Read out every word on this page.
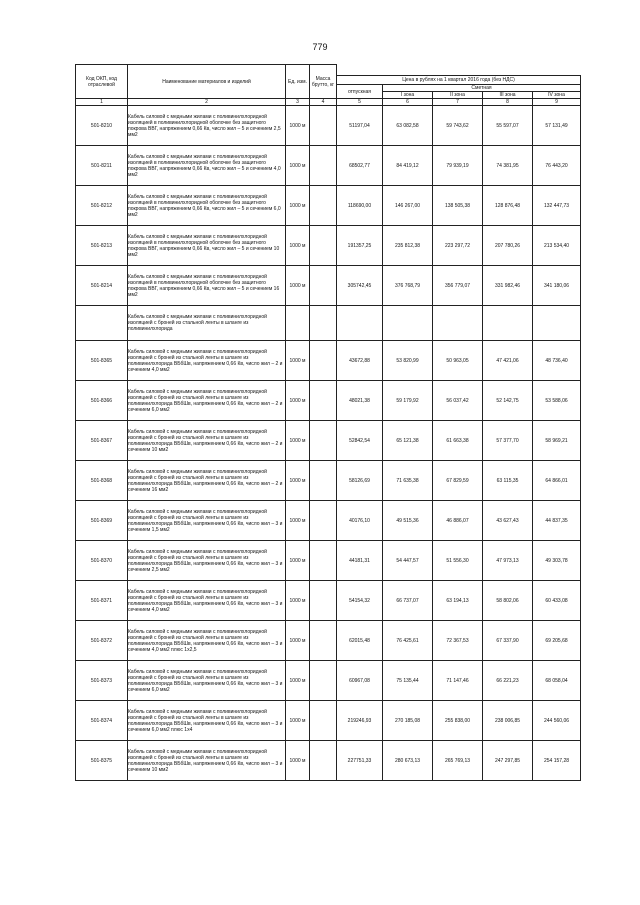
779
Код ОКП, код отраслевой	Наименование материалов и изделий	Ед. изм.	Масса брутто, кг					
				Цена в рублях на 1 квартал 2016 года (без НДС)				
				отпускная	Сметная			
					I зона	II зона	III зона	IV зона
1	2	3	4	5	6	7	8	9
501-8210	Кабель силовой с медными жилами с поливинилхлоридной изоляцией в поливинилхлоридной оболочке без защитного покрова ВВГ, напряжением 0,66 Кв, число жил – 5 и сечением 2,5 мм2	1000 м		51197,04	63 082,58	59 743,62	55 597,07	57 131,49
501-8211	Кабель силовой с медными жилами с поливинилхлоридной изоляцией в поливинилхлоридной оболочке без защитного покрова ВВГ, напряжением 0,66 Кв, число жил – 5 и сечением 4,0 мм2	1000 м		68502,77	84 419,12	79 939,19	74 381,95	76 443,20
501-8212	Кабель силовой с медными жилами с поливинилхлоридной изоляцией в поливинилхлоридной оболочке без защитного покрова ВВГ, напряжением 0,66 Кв, число жил – 5 и сечением 6,0 мм2	1000 м		118690,00	146 267,00	138 505,38	128 876,48	132 447,73
501-8213	Кабель силовой с медными жилами с поливинилхлоридной изоляцией в поливинилхлоридной оболочке без защитного покрова ВВГ, напряжением 0,66 Кв, число жил – 5 и сечением 10 мм2	1000 м		191357,25	235 812,38	223 297,72	207 780,26	213 534,40
501-8214	Кабель силовой с медными жилами с поливинилхлоридной изоляцией в поливинилхлоридной оболочке без защитного покрова ВВГ, напряжением 0,66 Кв, число жил – 5 и сечением 16 мм2	1000 м		305742,45	376 768,79	356 779,07	331 982,46	341 180,06
	Кабель силовой с медными жилами с поливинилхлоридной изоляцией с броней из стальной ленты в шланге из поливинилхлорида							
501-8365	Кабель силовой с медными жилами с поливинилхлоридной изоляцией с броней из стальной ленты в шланге из поливинилхлорида ВБбШв, напряжением 0,66 Кв, число жил – 2 и сечением 4,0 мм2	1000 м		43672,88	53 820,99	50 963,05	47 421,06	48 736,40
501-8366	Кабель силовой с медными жилами с поливинилхлоридной изоляцией с броней из стальной ленты в шланге из поливинилхлорида ВБбШв, напряжением 0,66 Кв, число жил – 2 и сечением 6,0 мм2	1000 м		48021,38	59 179,92	56 037,42	52 142,75	53 588,06
501-8367	Кабель силовой с медными жилами с поливинилхлоридной изоляцией с броней из стальной ленты в шланге из поливинилхлорида ВБбШв, напряжением 0,66 Кв, число жил – 2 и сечением 10 мм2	1000 м		52842,54	65 121,38	61 663,38	57 377,70	58 969,21
501-8368	Кабель силовой с медными жилами с поливинилхлоридной изоляцией с броней из стальной ленты в шланге из поливинилхлорида ВБбШв, напряжением 0,66 Кв, число жил – 2 и сечением 16 мм2	1000 м		58126,69	71 635,38	67 829,59	63 115,35	64 866,01
501-8369	Кабель силовой с медными жилами с поливинилхлоридной изоляцией с броней из стальной ленты в шланге из поливинилхлорида ВБбШв, напряжением 0,66 Кв, число жил – 3 и сечением 1,5 мм2	1000 м		40176,10	49 515,36	46 886,07	43 627,43	44 837,35
501-8370	Кабель силовой с медными жилами с поливинилхлоридной изоляцией с броней из стальной ленты в шланге из поливинилхлорида ВБбШв, напряжением 0,66 Кв, число жил – 3 и сечением 2,5 мм2	1000 м		44181,31	54 447,57	51 556,30	47 973,13	49 303,78
501-8371	Кабель силовой с медными жилами с поливинилхлоридной изоляцией с броней из стальной ленты в шланге из поливинилхлорида ВБбШв, напряжением 0,66 Кв, число жил – 3 и сечением 4,0 мм2	1000 м		54154,32	66 737,07	63 194,13	58 802,06	60 433,08
501-8372	Кабель силовой с медными жилами с поливинилхлоридной изоляцией с броней из стальной ленты в шланге из поливинилхлорида ВБбШв, напряжением 0,66 Кв, число жил – 3 и сечением 4,0 мм2 плюс 1х2,5	1000 м		62015,48	76 425,61	72 367,53	67 337,90	69 205,68
501-8373	Кабель силовой с медными жилами с поливинилхлоридной изоляцией с броней из стальной ленты в шланге из поливинилхлорида ВБбШв, напряжением 0,66 Кв, число жил – 3 и сечением 6,0 мм2	1000 м		60967,08	75 135,44	71 147,46	66 221,23	68 058,04
501-8374	Кабель силовой с медными жилами с поливинилхлоридной изоляцией с броней из стальной ленты в шланге из поливинилхлорида ВБбШв, напряжением 0,66 Кв, число жил – 3 и сечением 6,0 мм2 плюс 1х4	1000 м		219246,93	270 185,08	255 838,00	238 006,85	244 560,06
501-8375	Кабель силовой с медными жилами с поливинилхлоридной изоляцией с броней из стальной ленты в шланге из поливинилхлорида ВБбШв, напряжением 0,66 Кв, число жил – 3 и сечением 10 мм2	1000 м		227751,33	280 673,13	265 769,13	247 297,85	254 157,28
